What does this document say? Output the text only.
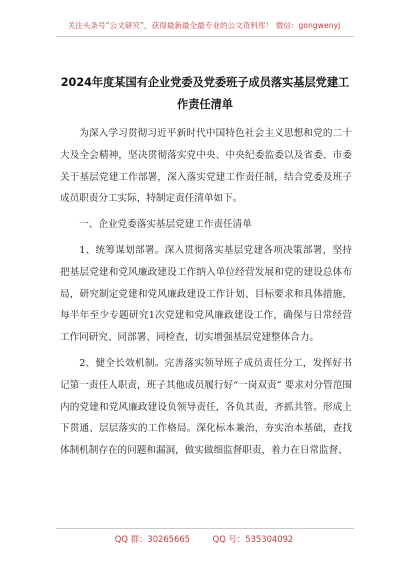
关注头条号“公文研究”，获得最新最全最专业的公文资料库！ 微信：gongwenyj
2024年度某国有企业党委及党委班子成员落实基层党建工作责任清单

为深入学习贯彻习近平新时代中国特色社会主义思想和党的二十大及全会精神，坚决贯彻落实党中央、中央纪委监委以及省委、市委关于基层党建工作部署，深入落实党建工作责任制，结合党委及班子成员职责分工实际，特制定责任清单如下。

一、企业党委落实基层党建工作责任清单

1、统筹谋划部署。深入贯彻落实基层党建各项决策部署，坚持把基层党建和党风廉政建设工作纳入单位经营发展和党的建设总体布局，研究制定党建和党风廉政建设工作计划、目标要求和具体措施，每半年至少专题研究1次党建和党风廉政建设工作，确保与日常经营工作同研究、同部署、同检查，切实增强基层党建整体合力。

2、健全长效机制。完善落实领导班子成员责任分工，发挥好书记第一责任人职责，班子其他成员履行好“一岗双责” 要求对分管范围内的党建和党风廉政建设负领导责任，各负其责，齐抓共管。形成上下贯通、层层落实的工作格局。深化标本兼治，夯实治本基础，查找体制机制存在的问题和漏洞，做实做细监督职责，着力在日常监督、

QQ 群：30265665	QQ 号：535304092
